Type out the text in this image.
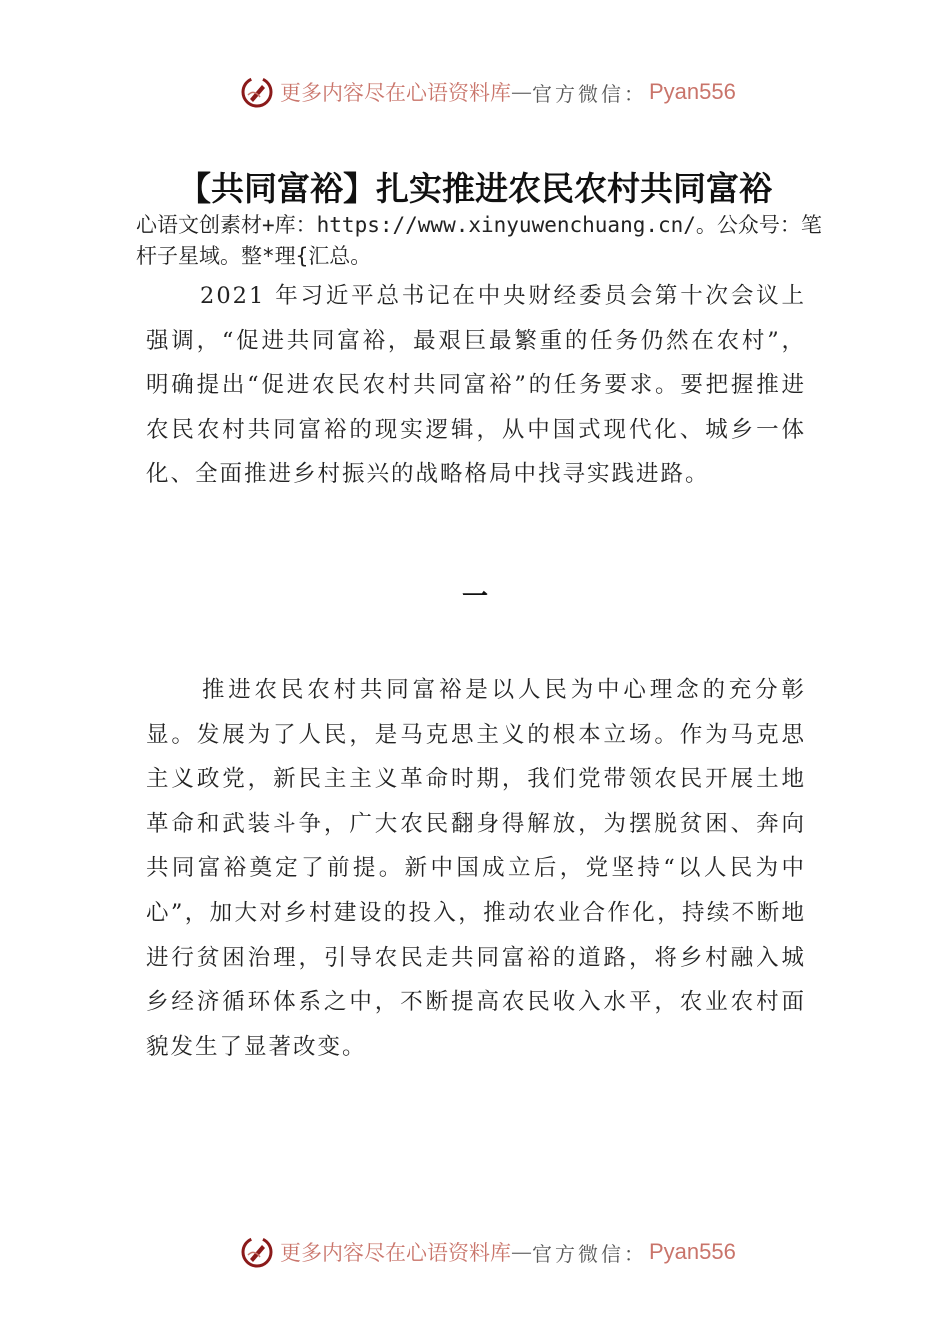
更多内容尽在心语资料库 — 官方微信： Pyan556
【共同富裕】扎实推进农民农村共同富裕
心语文创素材+库：https://www.xinyuwenchuang.cn/。公众号：笔杆子星域。整*理{汇总。
2021 年习近平总书记在中央财经委员会第十次会议上强调，“促进共同富裕，最艰巨最繁重的任务仍然在农村”，明确提出“促进农民农村共同富裕”的任务要求。要把握推进农民农村共同富裕的现实逻辑，从中国式现代化、城乡一体化、全面推进乡村振兴的战略格局中找寻实践进路。
一
推进农民农村共同富裕是以人民为中心理念的充分彰显。发展为了人民，是马克思主义的根本立场。作为马克思主义政党，新民主主义革命时期，我们党带领农民开展土地革命和武装斗争，广大农民翻身得解放，为摆脱贫困、奔向共同富裕奠定了前提。新中国成立后，党坚持“以人民为中心”，加大对乡村建设的投入，推动农业合作化，持续不断地进行贫困治理，引导农民走共同富裕的道路，将乡村融入城乡经济循环体系之中，不断提高农民收入水平，农业农村面貌发生了显著改变。
更多内容尽在心语资料库 — 官方微信： Pyan556
